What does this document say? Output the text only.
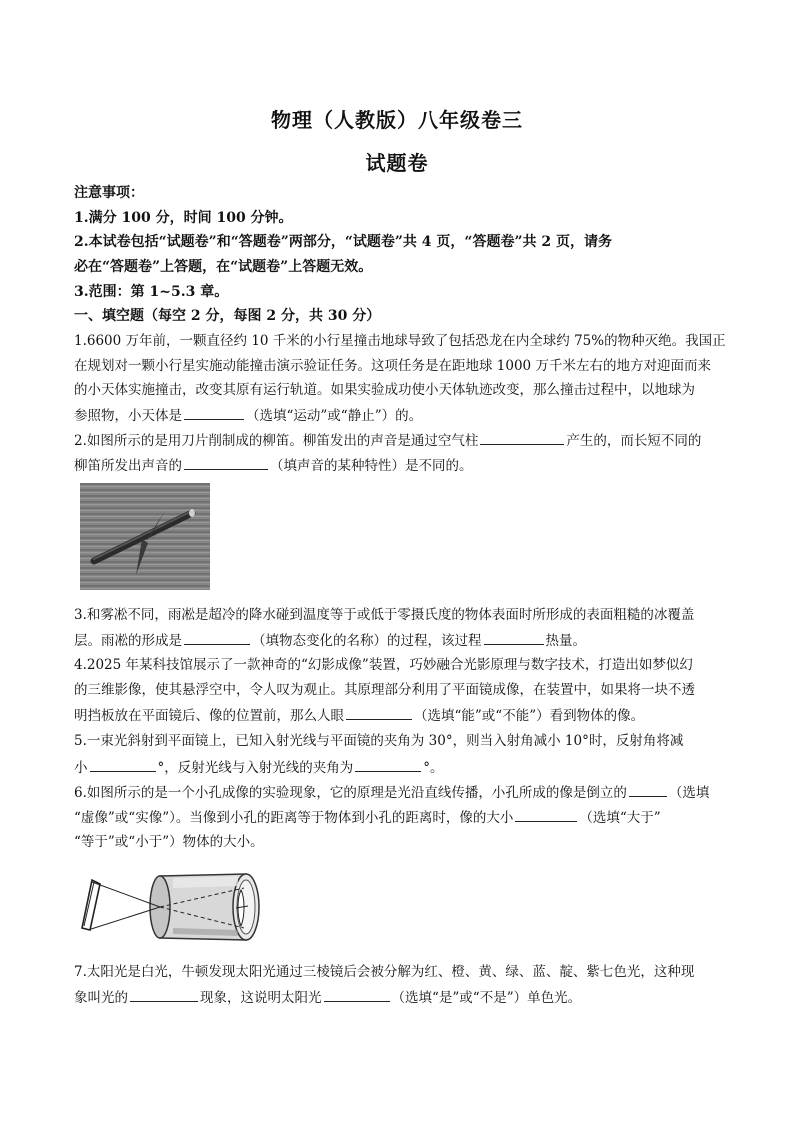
物理（人教版）八年级卷三
试题卷
注意事项：
1.满分 100 分，时间 100 分钟。
2.本试卷包括“试题卷”和“答题卷”两部分，“试题卷”共 4 页，“答题卷”共 2 页，请务
必在“答题卷”上答题，在“试题卷”上答题无效。
3.范围：第 1~5.3 章。
一、填空题（每空 2 分，每图 2 分，共 30 分）
1.6600 万年前，一颗直径约 10 千米的小行星撞击地球导致了包括恐龙在内全球约 75%的物种灭绝。我国正
在规划对一颗小行星实施动能撞击演示验证任务。这项任务是在距地球 1000 万千米左右的地方对迎面而来
的小天体实施撞击，改变其原有运行轨道。如果实验成功使小天体轨迹改变，那么撞击过程中，以地球为
参照物，小天体是	（选填“运动”或“静止”）的。
2.如图所示的是用刀片削制成的柳笛。柳笛发出的声音是通过空气柱	产生的，而长短不同的
柳笛所发出声音的	（填声音的某种特性）是不同的。
3.和雾凇不同，雨凇是超冷的降水碰到温度等于或低于零摄氏度的物体表面时所形成的表面粗糙的冰覆盖
层。雨凇的形成是	（填物态变化的名称）的过程，该过程	热量。
4.2025 年某科技馆展示了一款神奇的“幻影成像”装置，巧妙融合光影原理与数字技术，打造出如梦似幻
的三维影像，使其悬浮空中，令人叹为观止。其原理部分利用了平面镜成像，在装置中，如果将一块不透
明挡板放在平面镜后、像的位置前，那么人眼	（选填“能”或“不能”）看到物体的像。
5.一束光斜射到平面镜上，已知入射光线与平面镜的夹角为 30°，则当入射角减小 10°时，反射角将减
小	°，反射光线与入射光线的夹角为	°。
6.如图所示的是一个小孔成像的实验现象，它的原理是光沿直线传播，小孔所成的像是倒立的	（选填
“虚像”或“实像”）。当像到小孔的距离等于物体到小孔的距离时，像的大小	（选填“大于”
“等于”或“小于”）物体的大小。
7.太阳光是白光，牛顿发现太阳光通过三棱镜后会被分解为红、橙、黄、绿、蓝、靛、紫七色光，这种现
象叫光的	现象，这说明太阳光	（选填“是”或“不是”）单色光。
